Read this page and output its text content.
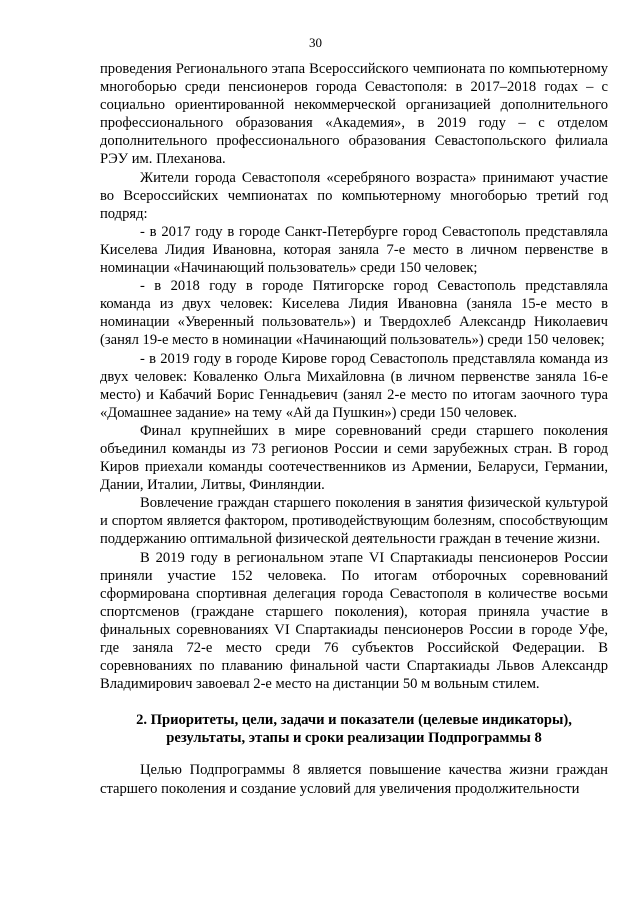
30

проведения Регионального этапа Всероссийского чемпионата по компьютерному многоборью среди пенсионеров города Севастополя: в 2017–2018 годах – с социально ориентированной некоммерческой организацией дополнительного профессионального образования «Академия», в 2019 году – с отделом дополнительного профессионального образования Севастопольского филиала РЭУ им. Плеханова.

Жители города Севастополя «серебряного возраста» принимают участие во Всероссийских чемпионатах по компьютерному многоборью третий год подряд:

- в 2017 году в городе Санкт-Петербурге город Севастополь представляла Киселева Лидия Ивановна, которая заняла 7-е место в личном первенстве в номинации «Начинающий пользователь» среди 150 человек;

- в 2018 году в городе Пятигорске город Севастополь представляла команда из двух человек: Киселева Лидия Ивановна (заняла 15-е место в номинации «Уверенный пользователь») и Твердохлеб Александр Николаевич (занял 19-е место в номинации «Начинающий пользователь») среди 150 человек;

- в 2019 году в городе Кирове город Севастополь представляла команда из двух человек: Коваленко Ольга Михайловна (в личном первенстве заняла 16-е место) и Кабачий Борис Геннадьевич (занял 2-е место по итогам заочного тура «Домашнее задание» на тему «Ай да Пушкин») среди 150 человек.

Финал крупнейших в мире соревнований среди старшего поколения объединил команды из 73 регионов России и семи зарубежных стран. В город Киров приехали команды соотечественников из Армении, Беларуси, Германии, Дании, Италии, Литвы, Финляндии.

Вовлечение граждан старшего поколения в занятия физической культурой и спортом является фактором, противодействующим болезням, способствующим поддержанию оптимальной физической деятельности граждан в течение жизни.

В 2019 году в региональном этапе VI Спартакиады пенсионеров России приняли участие 152 человека. По итогам отборочных соревнований сформирована спортивная делегация города Севастополя в количестве восьми спортсменов (граждане старшего поколения), которая приняла участие в финальных соревнованиях VI Спартакиады пенсионеров России в городе Уфе, где заняла 72-е место среди 76 субъектов Российской Федерации. В соревнованиях по плаванию финальной части Спартакиады Львов Александр Владимирович завоевал 2-е место на дистанции 50 м вольным стилем.

2. Приоритеты, цели, задачи и показатели (целевые индикаторы), результаты, этапы и сроки реализации Подпрограммы 8

Целью Подпрограммы 8 является повышение качества жизни граждан старшего поколения и создание условий для увеличения продолжительности
